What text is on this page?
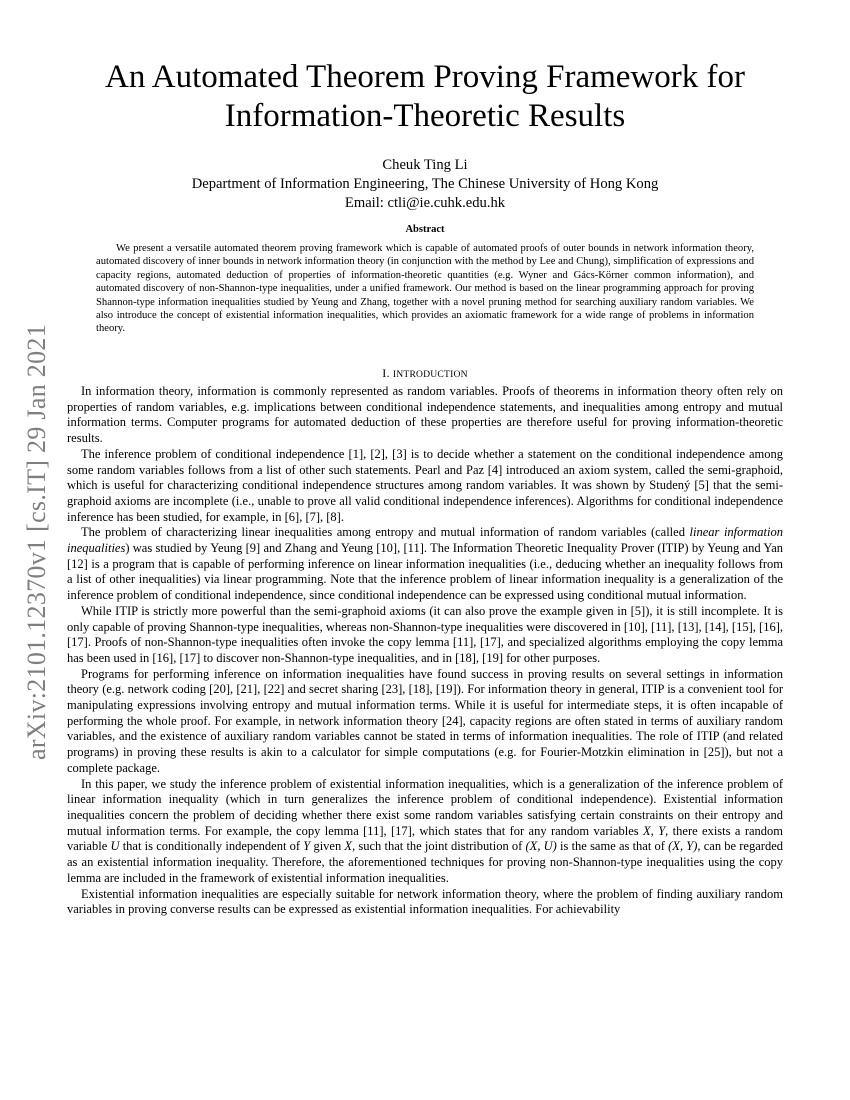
arXiv:2101.12370v1 [cs.IT] 29 Jan 2021
An Automated Theorem Proving Framework for
Information-Theoretic Results
Cheuk Ting Li
Department of Information Engineering, The Chinese University of Hong Kong
Email: ctli@ie.cuhk.edu.hk
Abstract

We present a versatile automated theorem proving framework which is capable of automated proofs of outer bounds in network information theory, automated discovery of inner bounds in network information theory (in conjunction with the method by Lee and Chung), simplification of expressions and capacity regions, automated deduction of properties of information-theoretic quantities (e.g. Wyner and Gács-Körner common information), and automated discovery of non-Shannon-type inequalities, under a unified framework. Our method is based on the linear programming approach for proving Shannon-type information inequalities studied by Yeung and Zhang, together with a novel pruning method for searching auxiliary random variables. We also introduce the concept of existential information inequalities, which provides an axiomatic framework for a wide range of problems in information theory.

I. INTRODUCTION

In information theory, information is commonly represented as random variables. Proofs of theorems in information theory often rely on properties of random variables, e.g. implications between conditional independence statements, and inequalities among entropy and mutual information terms. Computer programs for automated deduction of these properties are therefore useful for proving information-theoretic results.

The inference problem of conditional independence [1], [2], [3] is to decide whether a statement on the conditional independence among some random variables follows from a list of other such statements. Pearl and Paz [4] introduced an axiom system, called the semi-graphoid, which is useful for characterizing conditional independence structures among random variables. It was shown by Studený [5] that the semi-graphoid axioms are incomplete (i.e., unable to prove all valid conditional independence inferences). Algorithms for conditional independence inference has been studied, for example, in [6], [7], [8].

The problem of characterizing linear inequalities among entropy and mutual information of random variables (called linear information inequalities) was studied by Yeung [9] and Zhang and Yeung [10], [11]. The Information Theoretic Inequality Prover (ITIP) by Yeung and Yan [12] is a program that is capable of performing inference on linear information inequalities (i.e., deducing whether an inequality follows from a list of other inequalities) via linear programming. Note that the inference problem of linear information inequality is a generalization of the inference problem of conditional independence, since conditional independence can be expressed using conditional mutual information.

While ITIP is strictly more powerful than the semi-graphoid axioms (it can also prove the example given in [5]), it is still incomplete. It is only capable of proving Shannon-type inequalities, whereas non-Shannon-type inequalities were discovered in [10], [11], [13], [14], [15], [16], [17]. Proofs of non-Shannon-type inequalities often invoke the copy lemma [11], [17], and specialized algorithms employing the copy lemma has been used in [16], [17] to discover non-Shannon-type inequalities, and in [18], [19] for other purposes.

Programs for performing inference on information inequalities have found success in proving results on several settings in information theory (e.g. network coding [20], [21], [22] and secret sharing [23], [18], [19]). For information theory in general, ITIP is a convenient tool for manipulating expressions involving entropy and mutual information terms. While it is useful for intermediate steps, it is often incapable of performing the whole proof. For example, in network information theory [24], capacity regions are often stated in terms of auxiliary random variables, and the existence of auxiliary random variables cannot be stated in terms of information inequalities. The role of ITIP (and related programs) in proving these results is akin to a calculator for simple computations (e.g. for Fourier-Motzkin elimination in [25]), but not a complete package.

In this paper, we study the inference problem of existential information inequalities, which is a generalization of the inference problem of linear information inequality (which in turn generalizes the inference problem of conditional independence). Existential information inequalities concern the problem of deciding whether there exist some random variables satisfying certain constraints on their entropy and mutual information terms. For example, the copy lemma [11], [17], which states that for any random variables X, Y, there exists a random variable U that is conditionally independent of Y given X, such that the joint distribution of (X, U) is the same as that of (X, Y), can be regarded as an existential information inequality. Therefore, the aforementioned techniques for proving non-Shannon-type inequalities using the copy lemma are included in the framework of existential information inequalities.

Existential information inequalities are especially suitable for network information theory, where the problem of finding auxiliary random variables in proving converse results can be expressed as existential information inequalities. For achievability
